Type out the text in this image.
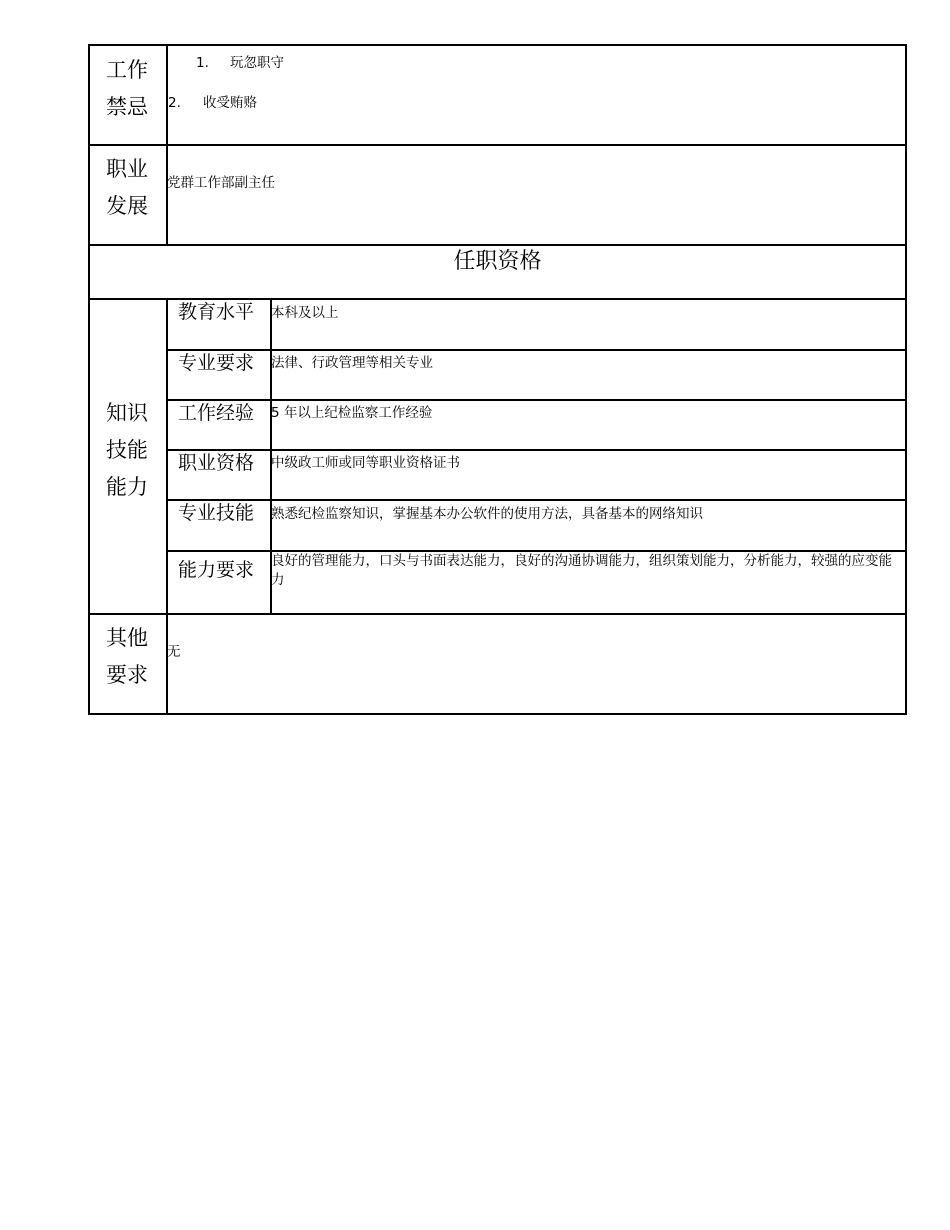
工作禁忌
1. 玩忽职守
2. 收受贿赂
职业发展
党群工作部副主任
任职资格
知识技能能力
教育水平 本科及以上
专业要求 法律、行政管理等相关专业
工作经验 5 年以上纪检监察工作经验
职业资格 中级政工师或同等职业资格证书
专业技能 熟悉纪检监察知识，掌握基本办公软件的使用方法，具备基本的网络知识
能力要求 良好的管理能力，口头与书面表达能力，良好的沟通协调能力，组织策划能力，分析能力，较强的应变能力
其他要求
无
